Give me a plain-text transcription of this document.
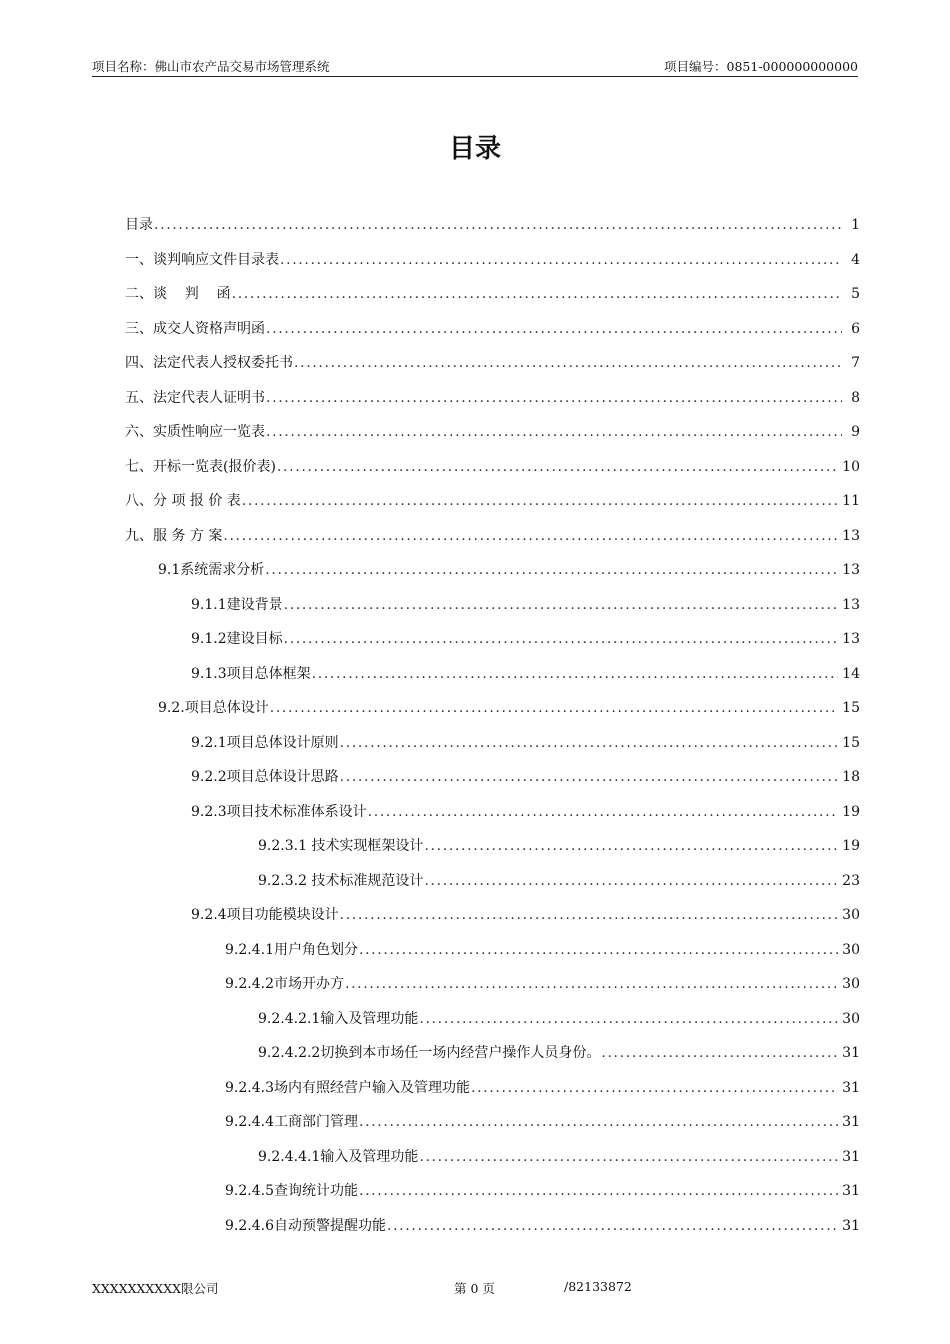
项目名称：佛山市农产品交易市场管理系统	项目编号：0851-000000000000
目录
目录 . . .	1
一、谈判响应文件目录表 . . .	4
二、谈    判    函 . . .	5
三、成交人资格声明函 . . .	6
四、法定代表人授权委托书 . . .	7
五、法定代表人证明书 . . .	8
六、实质性响应一览表 . . .	9
七、开标一览表(报价表) . . .	10
八、分 项 报 价 表 . . .	11
九、服 务 方 案 . . .	13
9.1系统需求分析 . . .	13
9.1.1建设背景 . . .	13
9.1.2建设目标 . . .	13
9.1.3项目总体框架 . . .	14
9.2.项目总体设计 . . .	15
9.2.1项目总体设计原则 . . .	15
9.2.2项目总体设计思路 . . .	18
9.2.3项目技术标准体系设计 . . .	19
9.2.3.1 技术实现框架设计 . . .	19
9.2.3.2 技术标准规范设计 . . .	23
9.2.4项目功能模块设计 . . .	30
9.2.4.1用户角色划分 . . .	30
9.2.4.2市场开办方 . . .	30
9.2.4.2.1输入及管理功能 . . .	30
9.2.4.2.2切换到本市场任一场内经营户操作人员身份。 . . .	31
9.2.4.3场内有照经营户输入及管理功能 . . .	31
9.2.4.4工商部门管理 . . .	31
9.2.4.4.1输入及管理功能 . . .	31
9.2.4.5查询统计功能 . . .	31
9.2.4.6自动预警提醒功能 . . .	31
XXXXXXXXXX限公司	第 0 页	/82133872
